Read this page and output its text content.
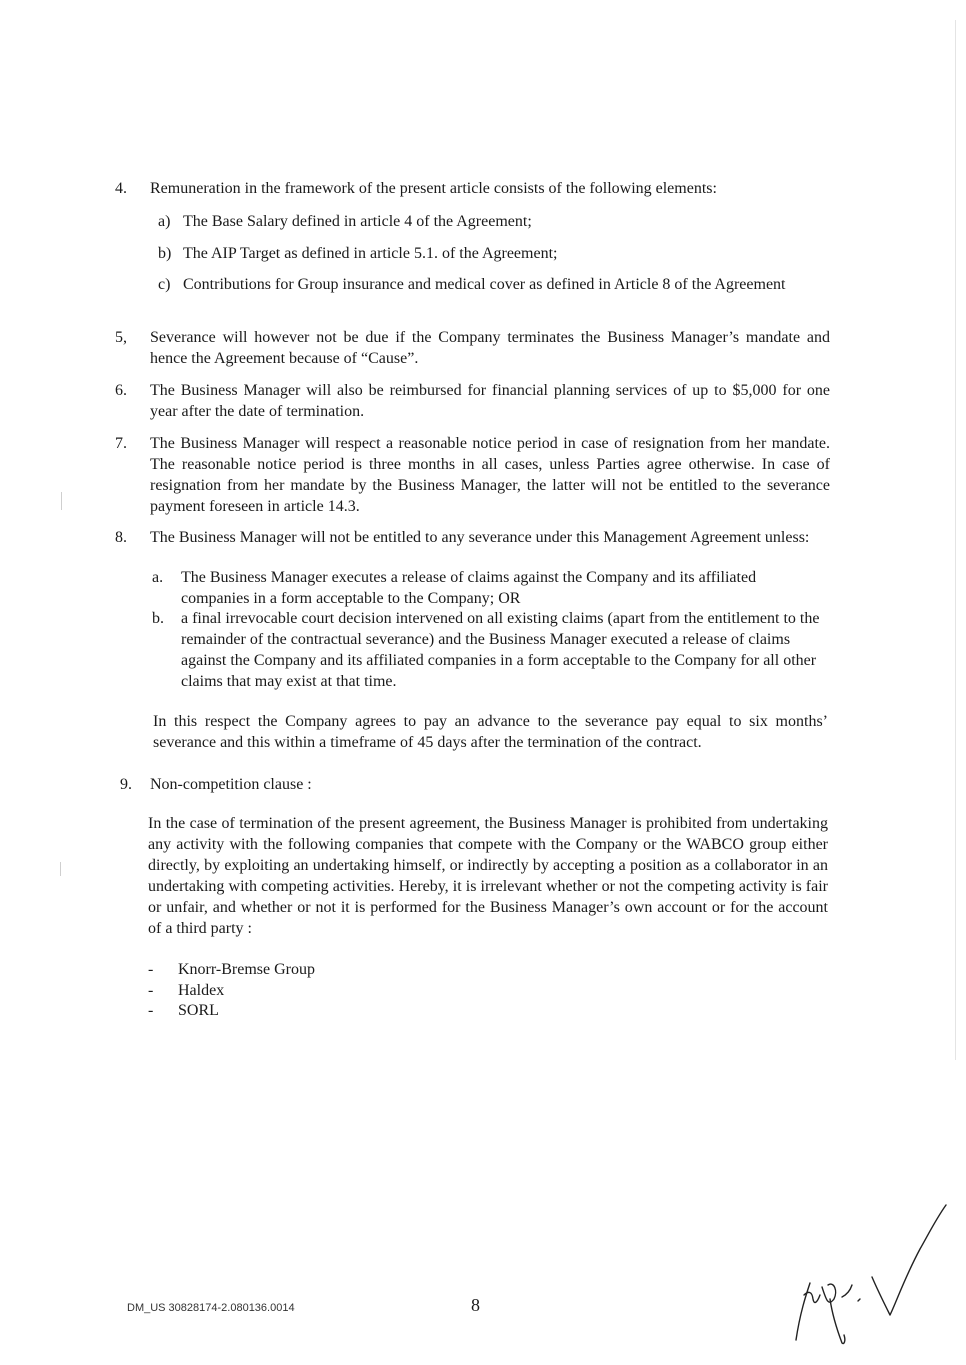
4.	Remuneration in the framework of the present article consists of the following elements:
a) The Base Salary defined in article 4 of the Agreement;
b) The AIP Target as defined in article 5.1. of the Agreement;
c) Contributions for Group insurance and medical cover as defined in Article 8 of the Agreement
5,	Severance will however not be due if the Company terminates the Business Manager’s mandate and hence the Agreement because of “Cause”.
6.	The Business Manager will also be reimbursed for financial planning services of up to $5,000 for one year after the date of termination.
7.	The Business Manager will respect a reasonable notice period in case of resignation from her mandate. The reasonable notice period is three months in all cases, unless Parties agree otherwise. In case of resignation from her mandate by the Business Manager, the latter will not be entitled to the severance payment foreseen in article 14.3.
8.	The Business Manager will not be entitled to any severance under this Management Agreement unless:
a.	The Business Manager executes a release of claims against the Company and its affiliated companies in a form acceptable to the Company; OR
b.	a final irrevocable court decision intervened on all existing claims (apart from the entitlement to the remainder of the contractual severance) and the Business Manager executed a release of claims against the Company and its affiliated companies in a form acceptable to the Company for all other claims that may exist at that time.
In this respect the Company agrees to pay an advance to the severance pay equal to six months’ severance and this within a timeframe of 45 days after the termination of the contract.
9.	Non-competition clause :
In the case of termination of the present agreement, the Business Manager is prohibited from undertaking any activity with the following companies that compete with the Company or the WABCO group either directly, by exploiting an undertaking himself, or indirectly by accepting a position as a collaborator in an undertaking with competing activities. Hereby, it is irrelevant whether or not the competing activity is fair or unfair, and whether or not it is performed for the Business Manager’s own account or for the account of a third party :
- Knorr-Bremse Group
- Haldex
- SORL
DM_US 30828174-2.080136.0014	8
